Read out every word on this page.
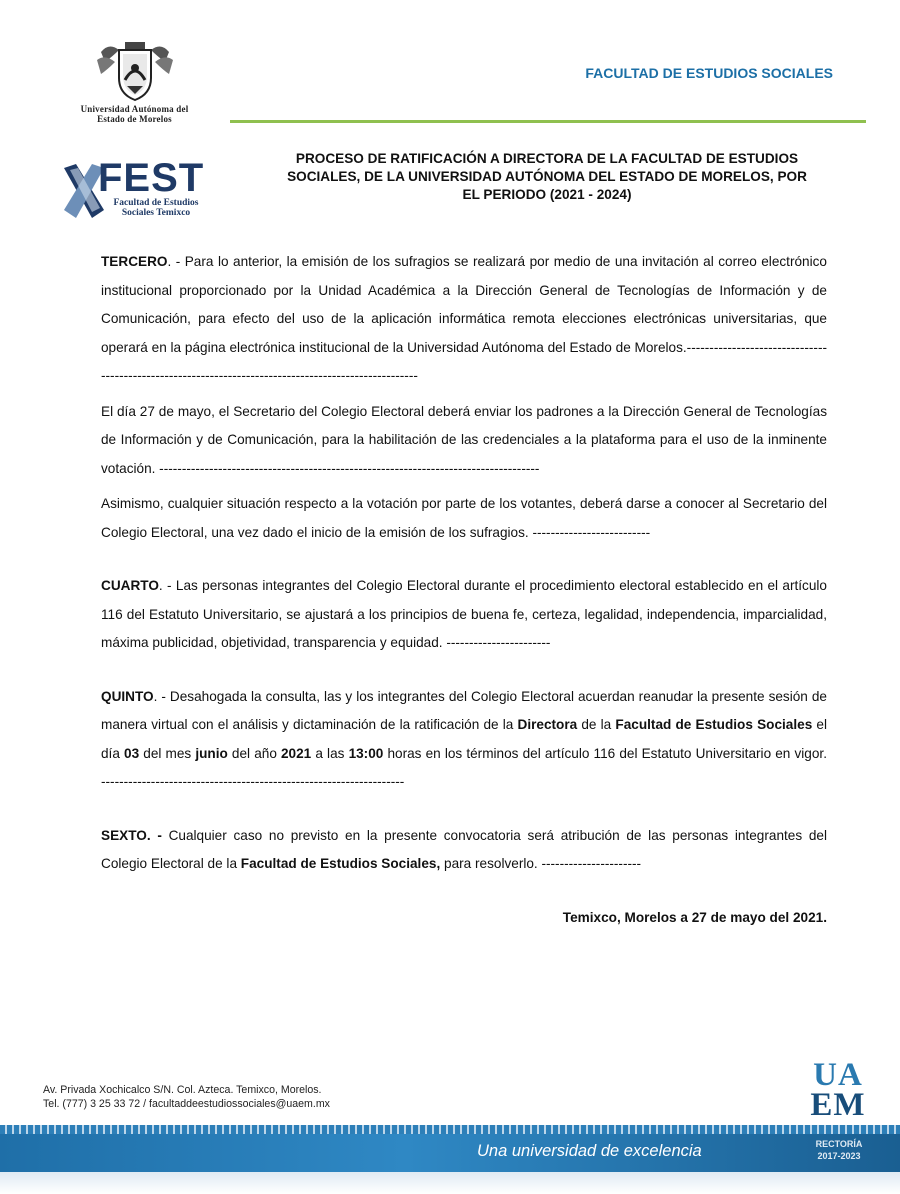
Universidad Autónoma del
Estado de Morelos
FACULTAD DE ESTUDIOS SOCIALES
FEST
Facultad de Estudios
Sociales Temixco
PROCESO DE RATIFICACIÓN A DIRECTORA DE LA FACULTAD DE ESTUDIOS
SOCIALES, DE LA UNIVERSIDAD AUTÓNOMA DEL ESTADO DE MORELOS, POR
EL PERIODO (2021 - 2024)

TERCERO. - Para lo anterior, la emisión de los sufragios se realizará por medio de una invitación al correo electrónico institucional proporcionado por la Unidad Académica a la Dirección General de Tecnologías de Información y de Comunicación, para efecto del uso de la aplicación informática remota elecciones electrónicas universitarias, que operará en la página electrónica institucional de la Universidad Autónoma del Estado de Morelos.-----------------------------------------------------------------------------------------------------

El día 27 de mayo, el Secretario del Colegio Electoral deberá enviar los padrones a la Dirección General de Tecnologías de Información y de Comunicación, para la habilitación de las credenciales a la plataforma para el uso de la inminente votación. ------------------------------------------------------------------------------------

Asimismo, cualquier situación respecto a la votación por parte de los votantes, deberá darse a conocer al Secretario del Colegio Electoral, una vez dado el inicio de la emisión de los sufragios. --------------------------

CUARTO. - Las personas integrantes del Colegio Electoral durante el procedimiento electoral establecido en el artículo 116 del Estatuto Universitario, se ajustará a los principios de buena fe, certeza, legalidad, independencia, imparcialidad, máxima publicidad, objetividad, transparencia y equidad. -----------------------

QUINTO. - Desahogada la consulta, las y los integrantes del Colegio Electoral acuerdan reanudar la presente sesión de manera virtual con el análisis y dictaminación de la ratificación de la Directora de la Facultad de Estudios Sociales el día 03 del mes junio del año 2021 a las 13:00 horas en los términos del artículo 116 del Estatuto Universitario en vigor. -------------------------------------------------------------------

SEXTO. - Cualquier caso no previsto en la presente convocatoria será atribución de las personas integrantes del Colegio Electoral de la Facultad de Estudios Sociales, para resolverlo. ----------------------

Temixco, Morelos a 27 de mayo del 2021.

Av. Privada Xochicalco S/N. Col. Azteca. Temixco, Morelos.
Tel. (777) 3 25 33 72 / facultaddeestudiossociales@uaem.mx
UA
EM
Una universidad de excelencia	RECTORÍA
2017-2023
